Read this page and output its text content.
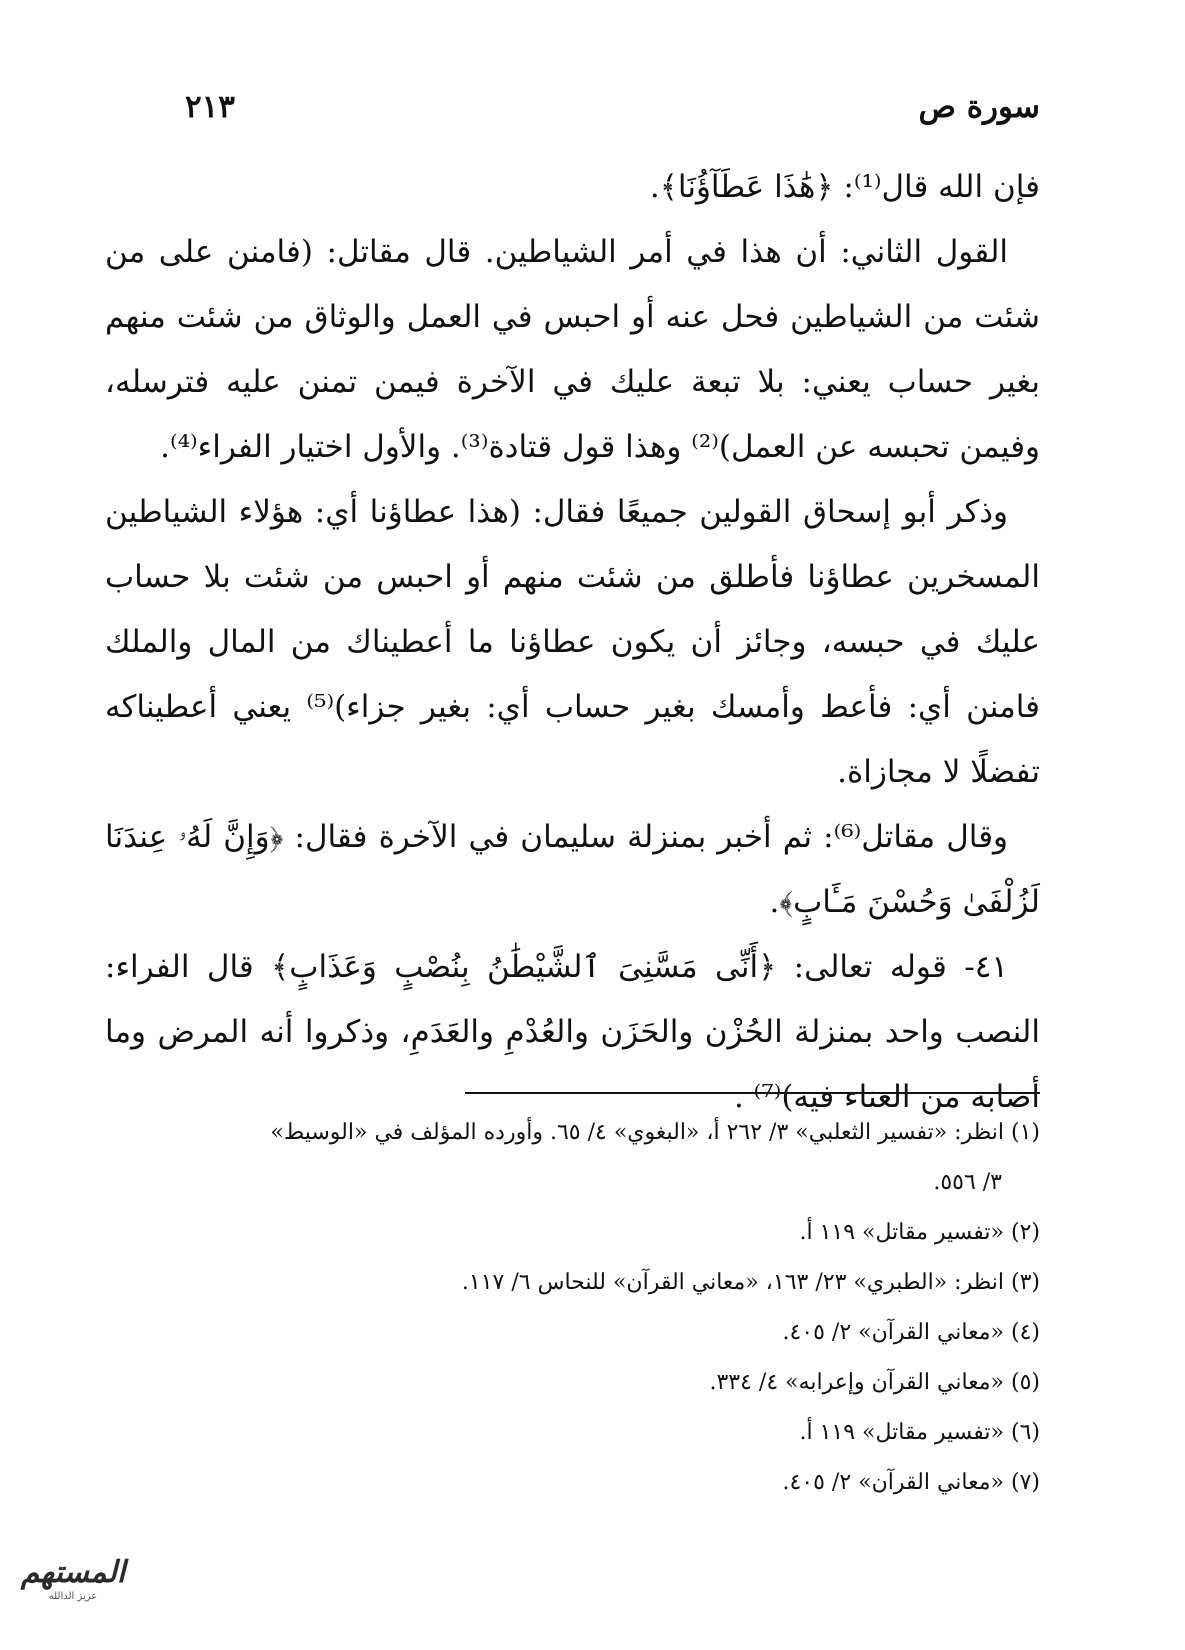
سورة ص
٢١٣

فإن الله قال⁽¹⁾: ﴿هَٰذَا عَطَآؤُنَا﴾.

القول الثاني: أن هذا في أمر الشياطين. قال مقاتل: (فامنن على من شئت من الشياطين فحل عنه أو احبس في العمل والوثاق من شئت منهم بغير حساب يعني: بلا تبعة عليك في الآخرة فيمن تمنن عليه فترسله، وفيمن تحبسه عن العمل)⁽²⁾ وهذا قول قتادة⁽³⁾. والأول اختيار الفراء⁽⁴⁾.

وذكر أبو إسحاق القولين جميعًا فقال: (هذا عطاؤنا أي: هؤلاء الشياطين المسخرين عطاؤنا فأطلق من شئت منهم أو احبس من شئت بلا حساب عليك في حبسه، وجائز أن يكون عطاؤنا ما أعطيناك من المال والملك فامنن أي: فأعط وأمسك بغير حساب أي: بغير جزاء)⁽⁵⁾ يعني أعطيناكه تفضلًا لا مجازاة.

وقال مقاتل⁽⁶⁾: ثم أخبر بمنزلة سليمان في الآخرة فقال: ﴿وَإِنَّ لَهُۥ عِندَنَا لَزُلْفَىٰ وَحُسْنَ مَـَٔابٍ﴾.

٤١- قوله تعالى: ﴿أَنِّى مَسَّنِىَ ٱلشَّيْطَٰنُ بِنُصْبٍ وَعَذَابٍ﴾ قال الفراء: النصب واحد بمنزلة الحُزْن والحَزَن والعُدْمِ والعَدَمِ، وذكروا أنه المرض وما أصابه من العناء فيه)⁽⁷⁾ .

(١) انظر: «تفسير الثعلبي» ٣/ ٢٦٢ أ، «البغوي» ٤/ ٦٥. وأورده المؤلف في «الوسيط»

٣/ ٥٥٦.

(٢) «تفسير مقاتل» ١١٩ أ.

(٣) انظر: «الطبري» ٢٣/ ١٦٣، «معاني القرآن» للنحاس ٦/ ١١٧.

(٤) «معاني القرآن» ٢/ ٤٠٥.

(٥) «معاني القرآن وإعرابه» ٤/ ٣٣٤.

(٦) «تفسير مقاتل» ١١٩ أ.

(٧) «معاني القرآن» ٢/ ٤٠٥.

المستهم
عزيز الدالله
